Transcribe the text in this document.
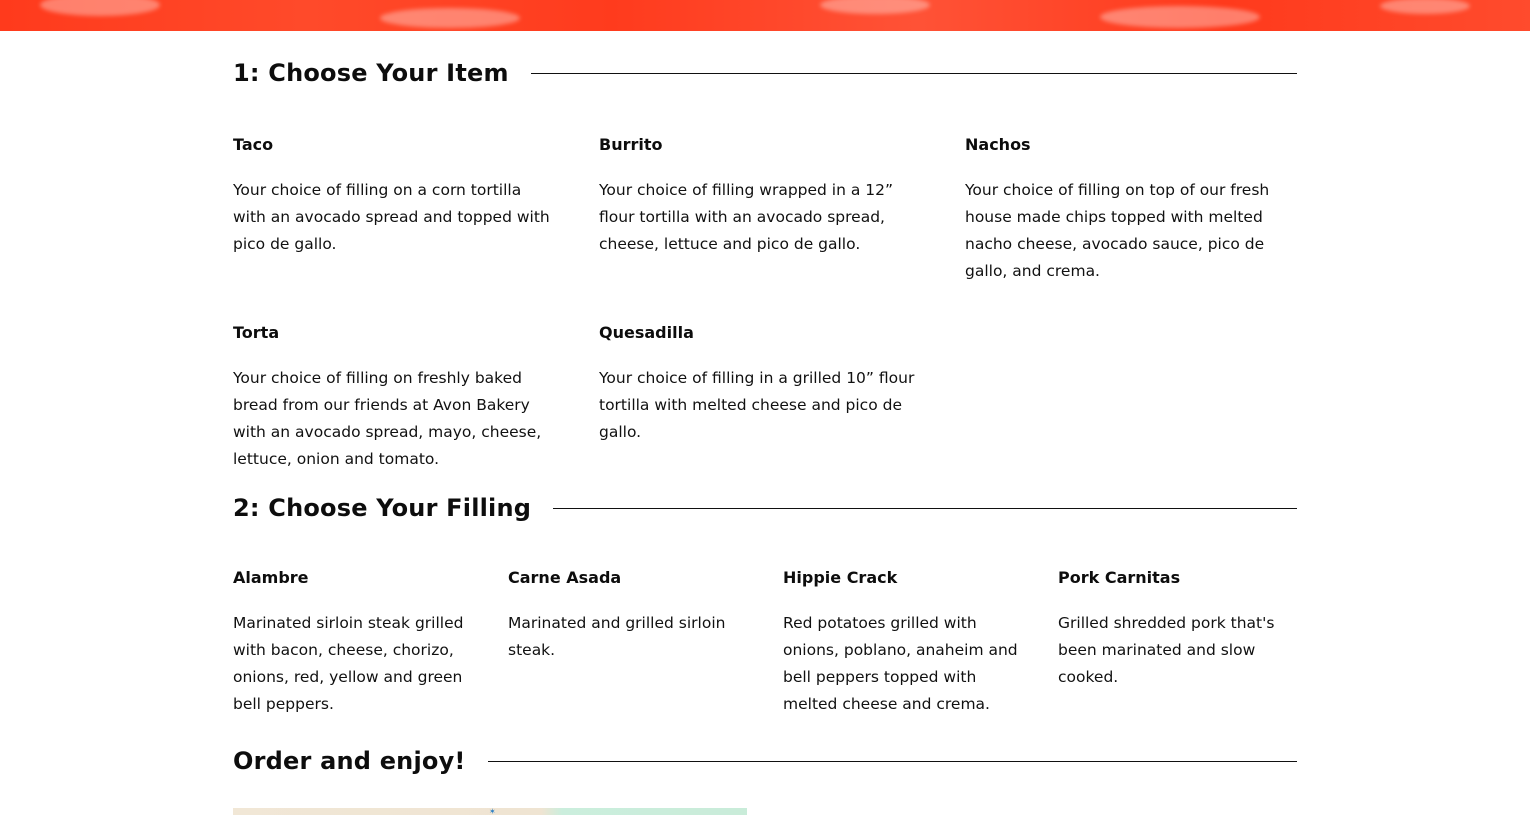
1: Choose Your Item
Taco
Your choice of filling on a corn tortilla with an avocado spread and topped with pico de gallo.
Burrito
Your choice of filling wrapped in a 12” flour tortilla with an avocado spread, cheese, lettuce and pico de gallo.
Nachos
Your choice of filling on top of our fresh house made chips topped with melted nacho cheese, avocado sauce, pico de gallo, and crema.
Torta
Your choice of filling on freshly baked bread from our friends at Avon Bakery with an avocado spread, mayo, cheese, lettuce, onion and tomato.
Quesadilla
Your choice of filling in a grilled 10” flour tortilla with melted cheese and pico de gallo.
2: Choose Your Filling
Alambre
Marinated sirloin steak grilled with bacon, cheese, chorizo, onions, red, yellow and green bell peppers.
Carne Asada
Marinated and grilled sirloin steak.
Hippie Crack
Red potatoes grilled with onions, poblano, anaheim and bell peppers topped with melted cheese and crema.
Pork Carnitas
Grilled shredded pork that's been marinated and slow cooked.
Order and enjoy!
✶
